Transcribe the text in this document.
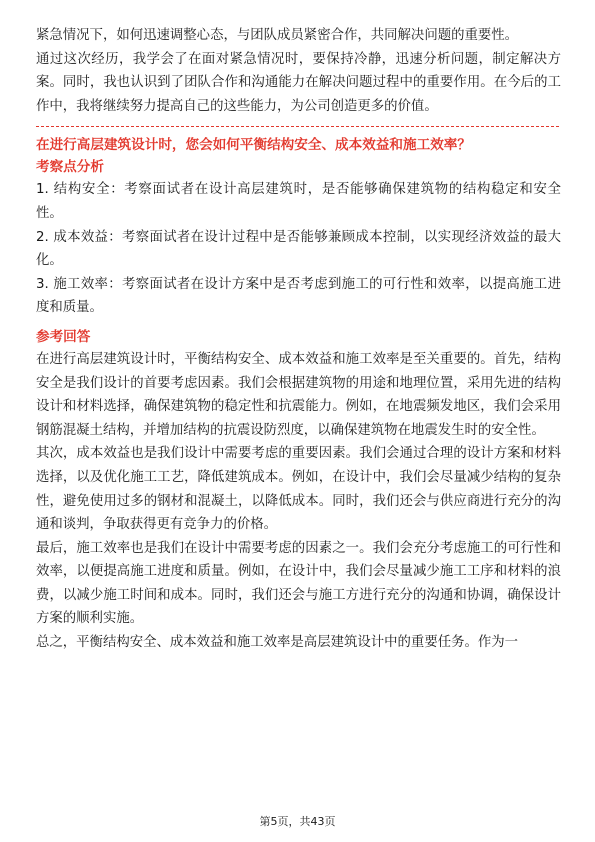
紧急情况下，如何迅速调整心态，与团队成员紧密合作，共同解决问题的重要性。

通过这次经历，我学会了在面对紧急情况时，要保持冷静，迅速分析问题，制定解决方案。同时，我也认识到了团队合作和沟通能力在解决问题过程中的重要作用。在今后的工作中，我将继续努力提高自己的这些能力，为公司创造更多的价值。

在进行高层建筑设计时，您会如何平衡结构安全、成本效益和施工效率？

考察点分析

1. 结构安全：考察面试者在设计高层建筑时，是否能够确保建筑物的结构稳定和安全性。

2. 成本效益：考察面试者在设计过程中是否能够兼顾成本控制，以实现经济效益的最大化。

3. 施工效率：考察面试者在设计方案中是否考虑到施工的可行性和效率，以提高施工进度和质量。

参考回答

在进行高层建筑设计时，平衡结构安全、成本效益和施工效率是至关重要的。首先，结构安全是我们设计的首要考虑因素。我们会根据建筑物的用途和地理位置，采用先进的结构设计和材料选择，确保建筑物的稳定性和抗震能力。例如，在地震频发地区，我们会采用钢筋混凝土结构，并增加结构的抗震设防烈度，以确保建筑物在地震发生时的安全性。

其次，成本效益也是我们设计中需要考虑的重要因素。我们会通过合理的设计方案和材料选择，以及优化施工工艺，降低建筑成本。例如，在设计中，我们会尽量减少结构的复杂性，避免使用过多的钢材和混凝土，以降低成本。同时，我们还会与供应商进行充分的沟通和谈判，争取获得更有竞争力的价格。

最后，施工效率也是我们在设计中需要考虑的因素之一。我们会充分考虑施工的可行性和效率，以便提高施工进度和质量。例如，在设计中，我们会尽量减少施工工序和材料的浪费，以减少施工时间和成本。同时，我们还会与施工方进行充分的沟通和协调，确保设计方案的顺利实施。

总之，平衡结构安全、成本效益和施工效率是高层建筑设计中的重要任务。作为一

第5页，共43页
